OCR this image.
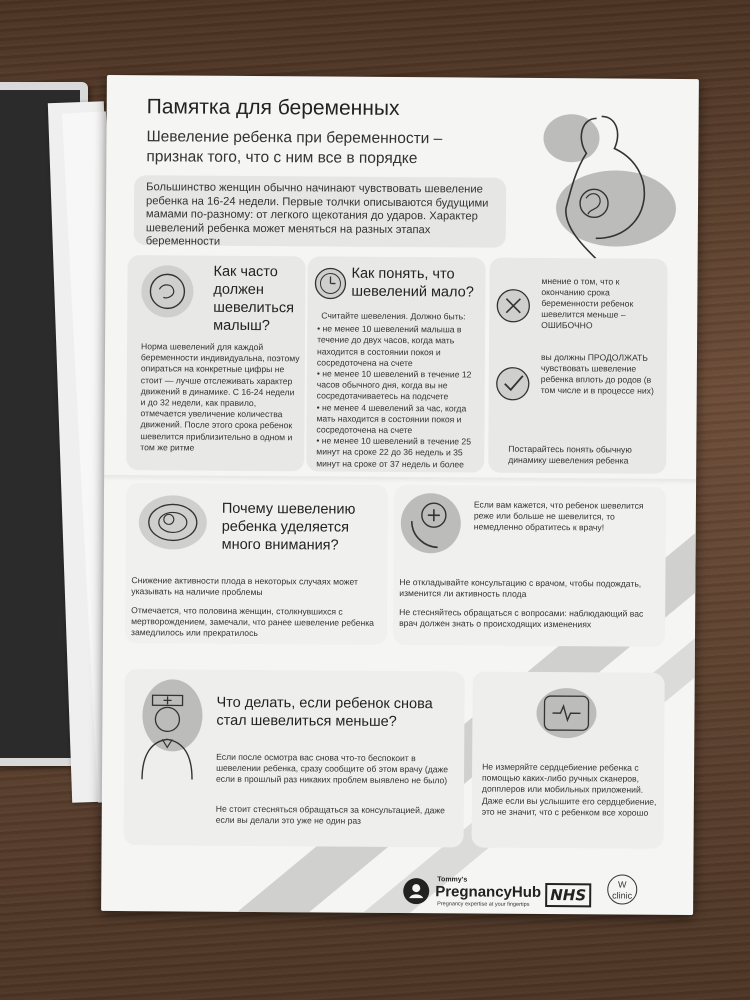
Памятка для беременных
Шевеление ребенка при беременности – признак того, что с ним все в порядке
Большинство женщин обычно начинают чувствовать шевеление ребенка на 16-24 недели. Первые толчки описываются будущими мамами по-разному: от легкого щекотания до ударов. Характер шевелений ребенка может меняться на разных этапах беременности
Как часто должен шевелиться малыш?
Норма шевелений для каждой беременности индивидуальна, поэтому опираться на конкретные цифры не стоит — лучше отслеживать характер движений в динамике. С 16-24 недели и до 32 недели, как правило, отмечается увеличение количества движений. После этого срока ребенок шевелится приблизительно в одном и том же ритме
Как понять, что шевелений мало?
Считайте шевеления. Должно быть:
• не менее 10 шевелений малыша в течение до двух часов, когда мать находится в состоянии покоя и сосредоточена на счете
• не менее 10 шевелений в течение 12 часов обычного дня, когда вы не сосредотачиваетесь на подсчете
• не менее 4 шевелений за час, когда мать находится в состоянии покоя и сосредоточена на счете
• не менее 10 шевелений в течение 25 минут на сроке 22 до 36 недель и 35 минут на сроке от 37 недель и более
мнение о том, что к окончанию срока беременности ребенок шевелится меньше – ОШИБОЧНО
вы должны ПРОДОЛЖАТЬ чувствовать шевеление ребенка вплоть до родов (в том числе и в процессе них)
Постарайтесь понять обычную динамику шевеления ребенка
Почему шевелению ребенка уделяется много внимания?
Снижение активности плода в некоторых случаях может указывать на наличие проблемы
Отмечается, что половина женщин, столкнувшихся с мертворождением, замечали, что ранее шевеление ребенка замедлилось или прекратилось
Если вам кажется, что ребенок шевелится реже или больше не шевелится, то немедленно обратитесь к врачу!
Не откладывайте консультацию с врачом, чтобы подождать, изменится ли активность плода
Не стесняйтесь обращаться с вопросами: наблюдающий вас врач должен знать о происходящих изменениях
Что делать, если ребенок снова стал шевелиться меньше?
Если после осмотра вас снова что-то беспокоит в шевелении ребенка, сразу сообщите об этом врачу (даже если в прошлый раз никаких проблем выявлено не было)
Не стоит стесняться обращаться за консультацией, даже если вы делали это уже не один раз
Не измеряйте сердцебиение ребенка с помощью каких-либо ручных сканеров, допплеров или мобильных приложений. Даже если вы услышите его сердцебиение, это не значит, что с ребенком все хорошо
Tommy's
PregnancyHub
Pregnancy expertise at your fingertips
NHS
W clinic
